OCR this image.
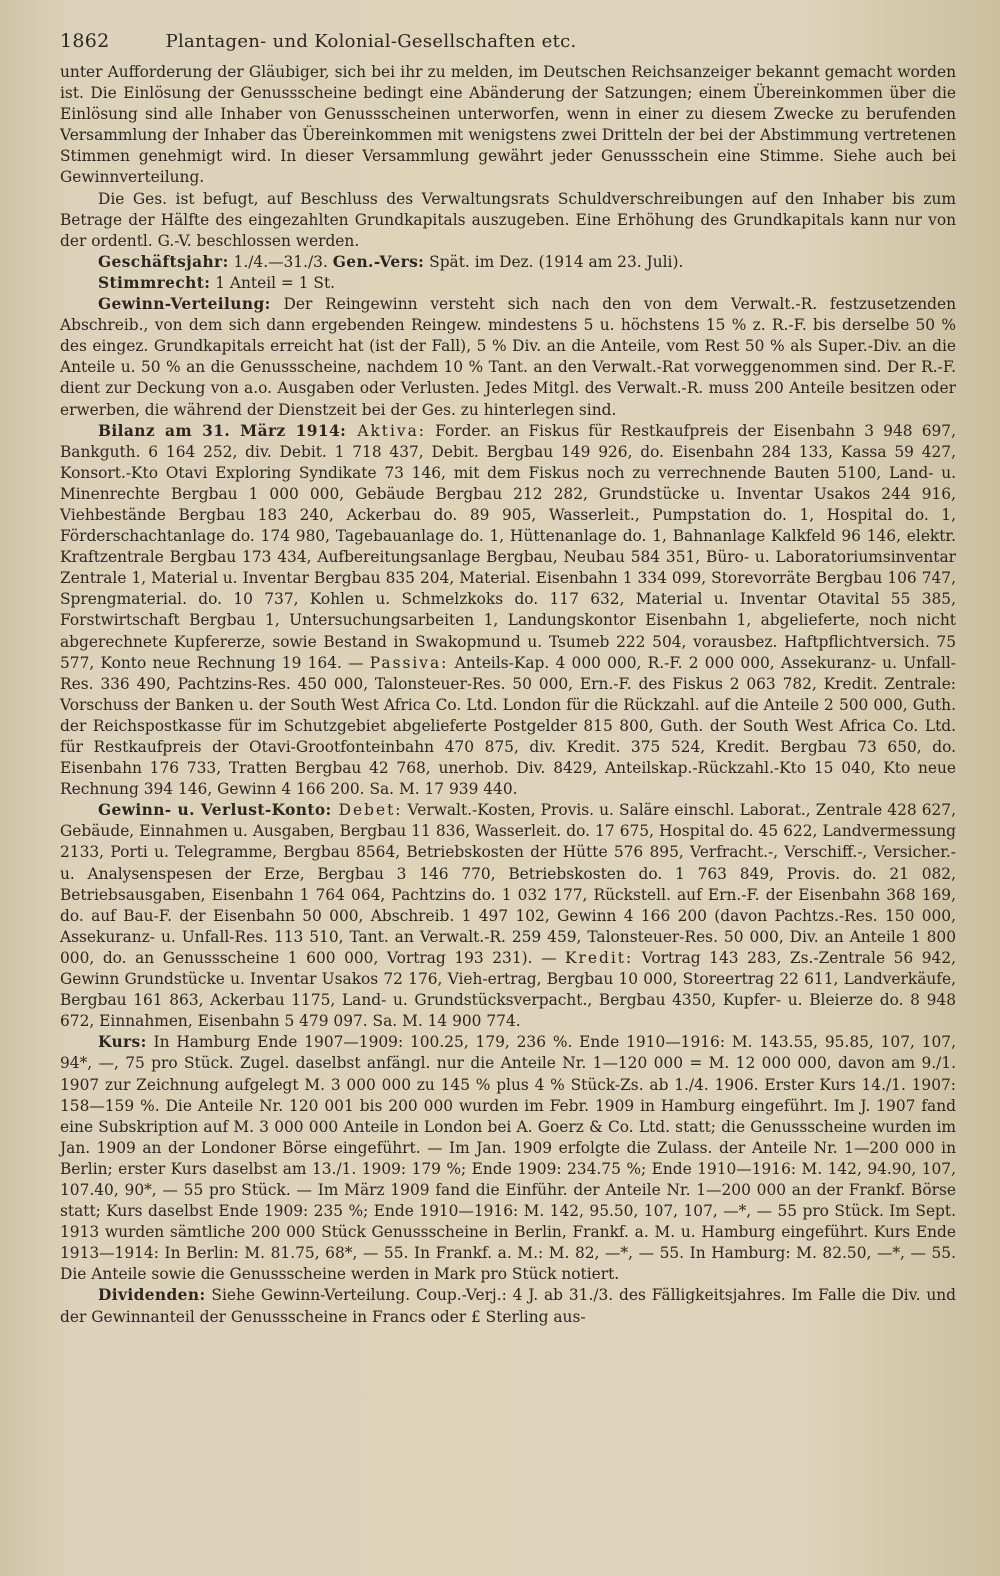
1862	Plantagen- und Kolonial-Gesellschaften etc.

unter Aufforderung der Gläubiger, sich bei ihr zu melden, im Deutschen Reichsanzeiger bekannt gemacht worden ist. Die Einlösung der Genussscheine bedingt eine Abänderung der Satzungen; einem Übereinkommen über die Einlösung sind alle Inhaber von Genussscheinen unterworfen, wenn in einer zu diesem Zwecke zu berufenden Versammlung der Inhaber das Übereinkommen mit wenigstens zwei Dritteln der bei der Abstimmung vertretenen Stimmen genehmigt wird. In dieser Versammlung gewährt jeder Genussschein eine Stimme. Siehe auch bei Gewinnverteilung.

Die Ges. ist befugt, auf Beschluss des Verwaltungsrats Schuldverschreibungen auf den Inhaber bis zum Betrage der Hälfte des eingezahlten Grundkapitals auszugeben. Eine Erhöhung des Grundkapitals kann nur von der ordentl. G.-V. beschlossen werden.

Geschäftsjahr: 1./4.—31./3. Gen.-Vers: Spät. im Dez. (1914 am 23. Juli).

Stimmrecht: 1 Anteil = 1 St.

Gewinn-Verteilung: Der Reingewinn versteht sich nach den von dem Verwalt.-R. festzusetzenden Abschreib., von dem sich dann ergebenden Reingew. mindestens 5 u. höchstens 15 % z. R.-F. bis derselbe 50 % des eingez. Grundkapitals erreicht hat (ist der Fall), 5 % Div. an die Anteile, vom Rest 50 % als Super.-Div. an die Anteile u. 50 % an die Genussscheine, nachdem 10 % Tant. an den Verwalt.-Rat vorweggenommen sind. Der R.-F. dient zur Deckung von a.o. Ausgaben oder Verlusten. Jedes Mitgl. des Verwalt.-R. muss 200 Anteile besitzen oder erwerben, die während der Dienstzeit bei der Ges. zu hinterlegen sind.

Bilanz am 31. März 1914: Aktiva: Forder. an Fiskus für Restkaufpreis der Eisenbahn 3 948 697, Bankguth. 6 164 252, div. Debit. 1 718 437, Debit. Bergbau 149 926, do. Eisenbahn 284 133, Kassa 59 427, Konsort.-Kto Otavi Exploring Syndikate 73 146, mit dem Fiskus noch zu verrechnende Bauten 5100, Land- u. Minenrechte Bergbau 1 000 000, Gebäude Bergbau 212 282, Grundstücke u. Inventar Usakos 244 916, Viehbestände Bergbau 183 240, Ackerbau do. 89 905, Wasserleit., Pumpstation do. 1, Hospital do. 1, Förderschachtanlage do. 174 980, Tagebauanlage do. 1, Hüttenanlage do. 1, Bahnanlage Kalkfeld 96 146, elektr. Kraftzentrale Bergbau 173 434, Aufbereitungsanlage Bergbau, Neubau 584 351, Büro- u. Laboratoriumsinventar Zentrale 1, Material u. Inventar Bergbau 835 204, Material. Eisenbahn 1 334 099, Storevorräte Bergbau 106 747, Sprengmaterial. do. 10 737, Kohlen u. Schmelzkoks do. 117 632, Material u. Inventar Otavital 55 385, Forstwirtschaft Bergbau 1, Untersuchungsarbeiten 1, Landungskontor Eisenbahn 1, abgelieferte, noch nicht abgerechnete Kupfererze, sowie Bestand in Swakopmund u. Tsumeb 222 504, vorausbez. Haftpflichtversich. 75 577, Konto neue Rechnung 19 164. — Passiva: Anteils-Kap. 4 000 000, R.-F. 2 000 000, Assekuranz- u. Unfall-Res. 336 490, Pachtzins-Res. 450 000, Talonsteuer-Res. 50 000, Ern.-F. des Fiskus 2 063 782, Kredit. Zentrale: Vorschuss der Banken u. der South West Africa Co. Ltd. London für die Rückzahl. auf die Anteile 2 500 000, Guth. der Reichspostkasse für im Schutzgebiet abgelieferte Postgelder 815 800, Guth. der South West Africa Co. Ltd. für Restkaufpreis der Otavi-Grootfonteinbahn 470 875, div. Kredit. 375 524, Kredit. Bergbau 73 650, do. Eisenbahn 176 733, Tratten Bergbau 42 768, unerhob. Div. 8429, Anteilskap.-Rückzahl.-Kto 15 040, Kto neue Rechnung 394 146, Gewinn 4 166 200. Sa. M. 17 939 440.

Gewinn- u. Verlust-Konto: Debet: Verwalt.-Kosten, Provis. u. Saläre einschl. Laborat., Zentrale 428 627, Gebäude, Einnahmen u. Ausgaben, Bergbau 11 836, Wasserleit. do. 17 675, Hospital do. 45 622, Landvermessung 2133, Porti u. Telegramme, Bergbau 8564, Betriebskosten der Hütte 576 895, Verfracht.-, Verschiff.-, Versicher.- u. Analysenspesen der Erze, Bergbau 3 146 770, Betriebskosten do. 1 763 849, Provis. do. 21 082, Betriebsausgaben, Eisenbahn 1 764 064, Pachtzins do. 1 032 177, Rückstell. auf Ern.-F. der Eisenbahn 368 169, do. auf Bau-F. der Eisenbahn 50 000, Abschreib. 1 497 102, Gewinn 4 166 200 (davon Pachtzs.-Res. 150 000, Assekuranz- u. Unfall-Res. 113 510, Tant. an Verwalt.-R. 259 459, Talonsteuer-Res. 50 000, Div. an Anteile 1 800 000, do. an Genussscheine 1 600 000, Vortrag 193 231). — Kredit: Vortrag 143 283, Zs.-Zentrale 56 942, Gewinn Grundstücke u. Inventar Usakos 72 176, Vieh-ertrag, Bergbau 10 000, Storeertrag 22 611, Landverkäufe, Bergbau 161 863, Ackerbau 1175, Land- u. Grundstücksverpacht., Bergbau 4350, Kupfer- u. Bleierze do. 8 948 672, Einnahmen, Eisenbahn 5 479 097. Sa. M. 14 900 774.

Kurs: In Hamburg Ende 1907—1909: 100.25, 179, 236 %. Ende 1910—1916: M. 143.55, 95.85, 107, 107, 94*, —, 75 pro Stück. Zugel. daselbst anfängl. nur die Anteile Nr. 1—120 000 = M. 12 000 000, davon am 9./1. 1907 zur Zeichnung aufgelegt M. 3 000 000 zu 145 % plus 4 % Stück-Zs. ab 1./4. 1906. Erster Kurs 14./1. 1907: 158—159 %. Die Anteile Nr. 120 001 bis 200 000 wurden im Febr. 1909 in Hamburg eingeführt. Im J. 1907 fand eine Subskription auf M. 3 000 000 Anteile in London bei A. Goerz & Co. Ltd. statt; die Genussscheine wurden im Jan. 1909 an der Londoner Börse eingeführt. — Im Jan. 1909 erfolgte die Zulass. der Anteile Nr. 1—200 000 in Berlin; erster Kurs daselbst am 13./1. 1909: 179 %; Ende 1909: 234.75 %; Ende 1910—1916: M. 142, 94.90, 107, 107.40, 90*, — 55 pro Stück. — Im März 1909 fand die Einführ. der Anteile Nr. 1—200 000 an der Frankf. Börse statt; Kurs daselbst Ende 1909: 235 %; Ende 1910—1916: M. 142, 95.50, 107, 107, —*, — 55 pro Stück. Im Sept. 1913 wurden sämtliche 200 000 Stück Genussscheine in Berlin, Frankf. a. M. u. Hamburg eingeführt. Kurs Ende 1913—1914: In Berlin: M. 81.75, 68*, — 55. In Frankf. a. M.: M. 82, —*, — 55. In Hamburg: M. 82.50, —*, — 55. Die Anteile sowie die Genussscheine werden in Mark pro Stück notiert.

Dividenden: Siehe Gewinn-Verteilung. Coup.-Verj.: 4 J. ab 31./3. des Fälligkeitsjahres. Im Falle die Div. und der Gewinnanteil der Genussscheine in Francs oder £ Sterling aus-
